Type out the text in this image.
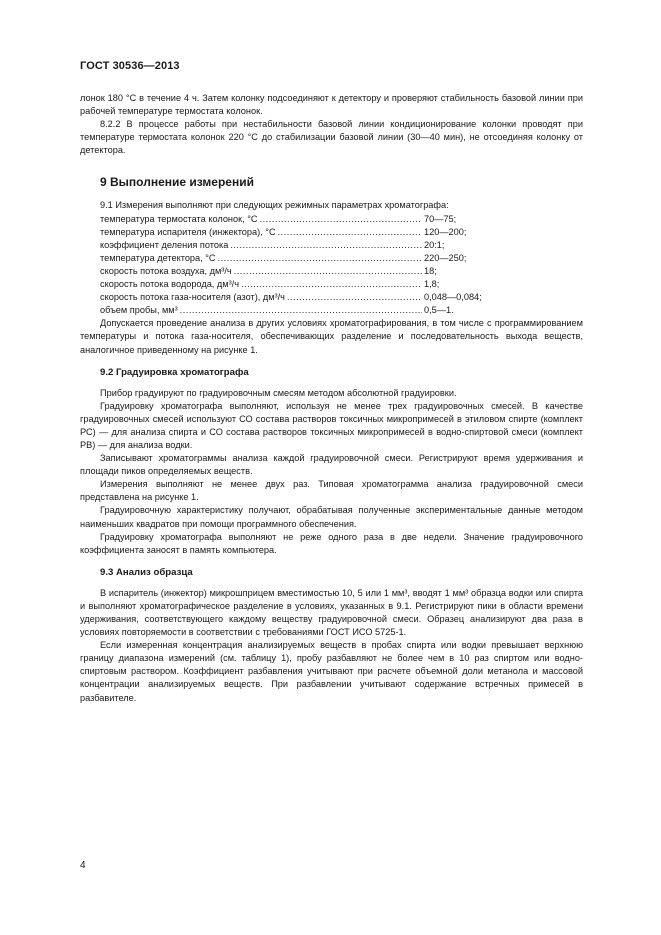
ГОСТ 30536—2013

лонок 180 °С в течение 4 ч. Затем колонку подсоединяют к детектору и проверяют стабильность базовой линии при рабочей температуре термостата колонок.

8.2.2 В процессе работы при нестабильности базовой линии кондиционирование колонки проводят при температуре термостата колонок 220 °С до стабилизации базовой линии (30—40 мин), не отсоединяя колонку от детектора.

9 Выполнение измерений

9.1 Измерения выполняют при следующих режимных параметрах хроматографа:

температура термостата колонок, °С .....	70—75;
температура испарителя (инжектора), °С .....	120—200;
коэффициент деления потока .....	20:1;
температура детектора, °С .....	220—250;
скорость потока воздуха, дм³/ч .....	18;
скорость потока водорода, дм³/ч .....	1,8;
скорость потока газа-носителя (азот), дм³/ч .....	0,048—0,084;
объем пробы, мм³ .....	0,5—1.

Допускается проведение анализа в других условиях хроматографирования, в том числе с программированием температуры и потока газа-носителя, обеспечивающих разделение и последовательность выхода веществ, аналогичное приведенному на рисунке 1.

9.2 Градуировка хроматографа

Прибор градуируют по градуировочным смесям методом абсолютной градуировки.

Градуировку хроматографа выполняют, используя не менее трех градуировочных смесей. В качестве градуировочных смесей используют СО состава растворов токсичных микропримесей в этиловом спирте (комплект РС) — для анализа спирта и СО состава растворов токсичных микропримесей в водно-спиртовой смеси (комплект РВ) — для анализа водки.

Записывают хроматограммы анализа каждой градуировочной смеси. Регистрируют время удерживания и площади пиков определяемых веществ.

Измерения выполняют не менее двух раз. Типовая хроматограмма анализа градуировочной смеси представлена на рисунке 1.

Градуировочную характеристику получают, обрабатывая полученные экспериментальные данные методом наименьших квадратов при помощи программного обеспечения.

Градуировку хроматографа выполняют не реже одного раза в две недели. Значение градуировочного коэффициента заносят в память компьютера.

9.3 Анализ образца

В испаритель (инжектор) микрошприцем вместимостью 10, 5 или 1 мм³, вводят 1 мм³ образца водки или спирта и выполняют хроматографическое разделение в условиях, указанных в 9.1. Регистрируют пики в области времени удерживания, соответствующего каждому веществу градуировочной смеси. Образец анализируют два раза в условиях повторяемости в соответствии с требованиями ГОСТ ИСО 5725-1.

Если измеренная концентрация анализируемых веществ в пробах спирта или водки превышает верхнюю границу диапазона измерений (см. таблицу 1), пробу разбавляют не более чем в 10 раз спиртом или водно-спиртовым раствором. Коэффициент разбавления учитывают при расчете объемной доли метанола и массовой концентрации анализируемых веществ. При разбавлении учитывают содержание встречных примесей в разбавителе.

4
